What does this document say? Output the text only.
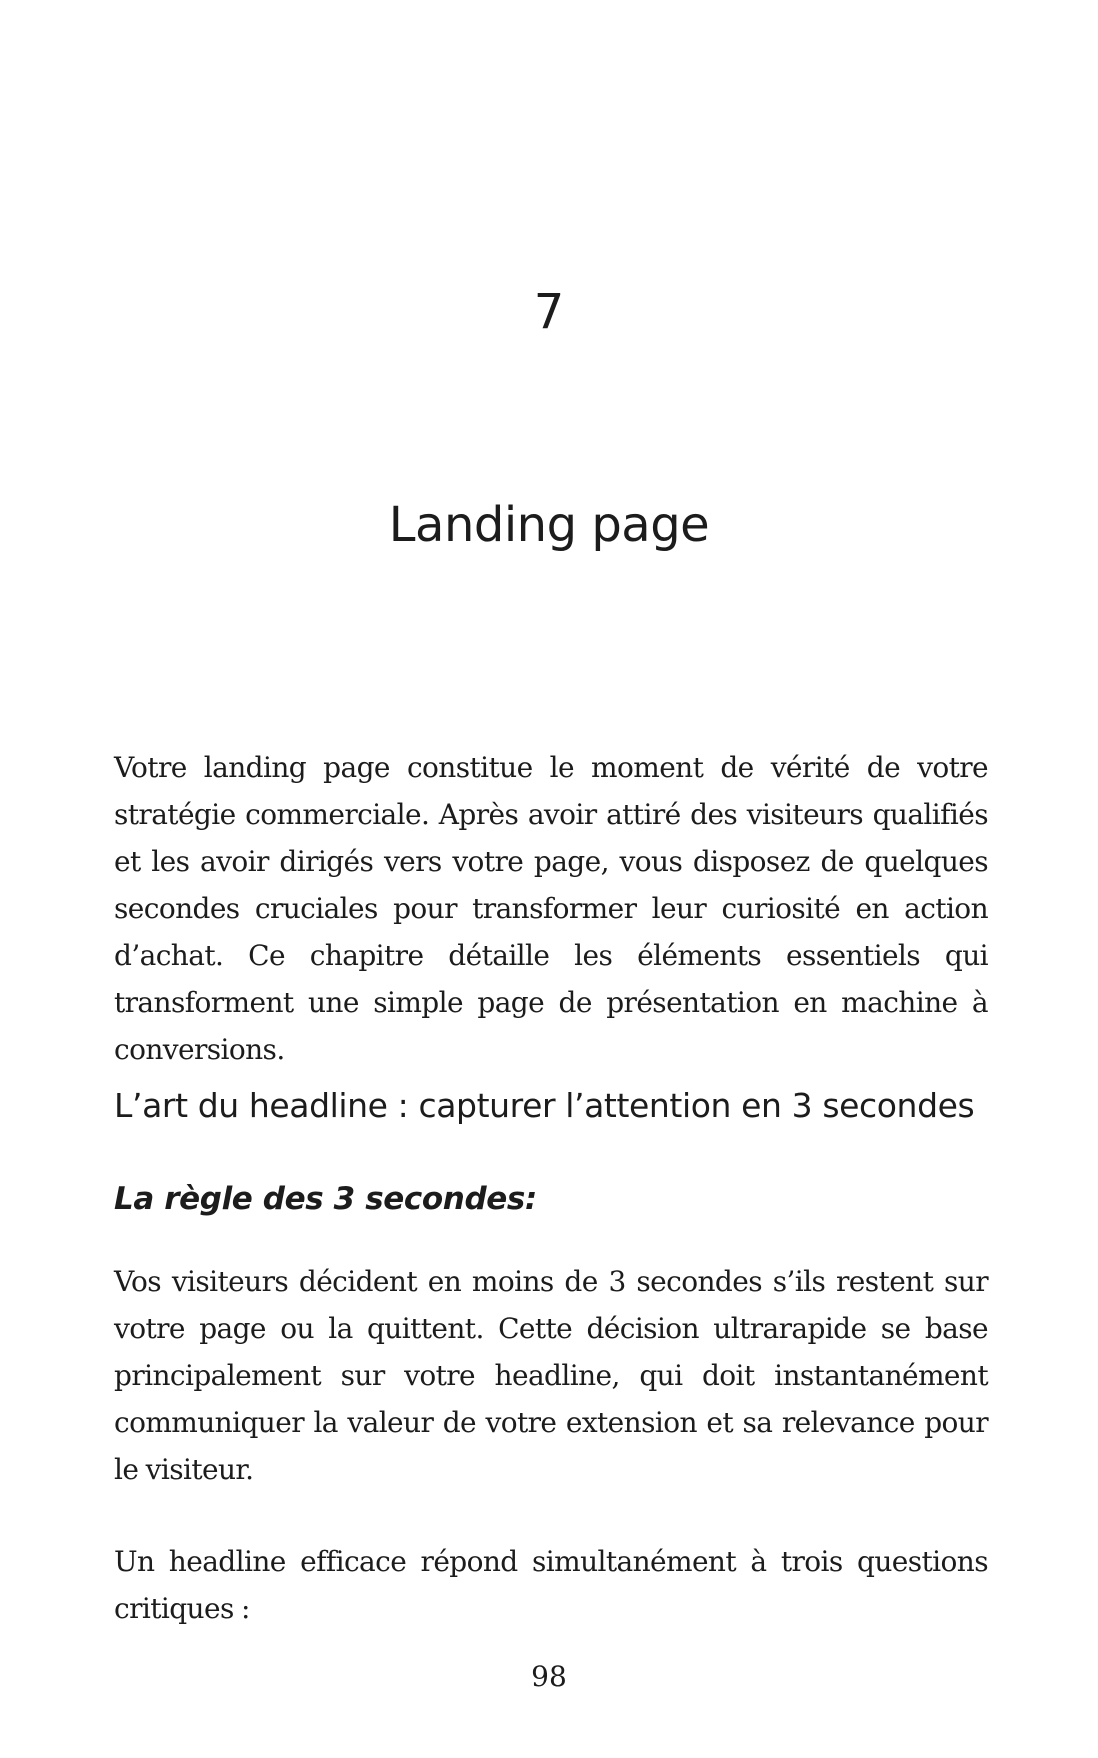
7
Landing page

Votre landing page constitue le moment de vérité de votre stratégie commerciale. Après avoir attiré des visiteurs qualifiés et les avoir dirigés vers votre page, vous disposez de quelques secondes cruciales pour transformer leur curiosité en action d’achat. Ce chapitre détaille les éléments essentiels qui transforment une simple page de présentation en machine à conversions.

L’art du headline : capturer l’attention en 3 secondes
La règle des 3 secondes:

Vos visiteurs décident en moins de 3 secondes s’ils restent sur votre page ou la quittent. Cette décision ultrarapide se base principalement sur votre headline, qui doit instantanément communiquer la valeur de votre extension et sa relevance pour le visiteur.

Un headline efficace répond simultanément à trois questions critiques :

98
